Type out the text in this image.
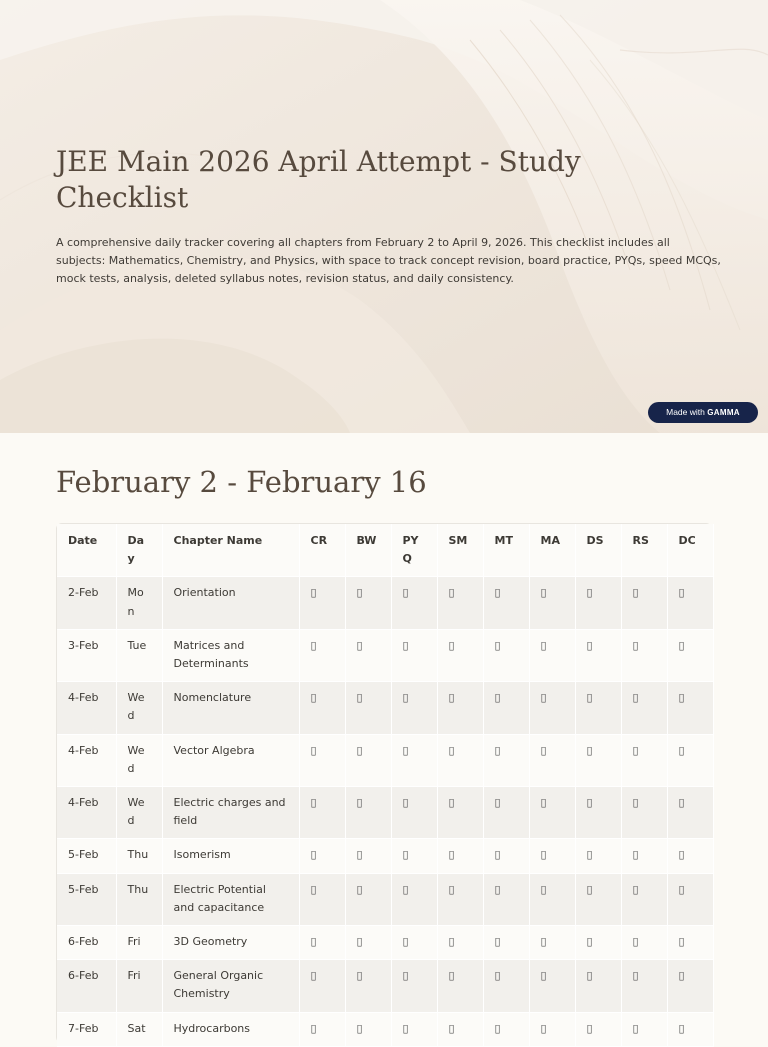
JEE Main 2026 April Attempt - Study Checklist

A comprehensive daily tracker covering all chapters from February 2 to April 9, 2026. This checklist includes all subjects: Mathematics, Chemistry, and Physics, with space to track concept revision, board practice, PYQs, speed MCQs, mock tests, analysis, deleted syllabus notes, revision status, and daily consistency.

Made with GAMMA
February 2 - February 16
Date	Day	Chapter Name	CR	BW	PYQ	SM	MT	MA	DS	RS	DC
2-Feb	Mon	Orientation	▯	▯	▯	▯	▯	▯	▯	▯	▯
3-Feb	Tue	Matrices and Determinants	▯	▯	▯	▯	▯	▯	▯	▯	▯
4-Feb	Wed	Nomenclature	▯	▯	▯	▯	▯	▯	▯	▯	▯
4-Feb	Wed	Vector Algebra	▯	▯	▯	▯	▯	▯	▯	▯	▯
4-Feb	Wed	Electric charges and field	▯	▯	▯	▯	▯	▯	▯	▯	▯
5-Feb	Thu	Isomerism	▯	▯	▯	▯	▯	▯	▯	▯	▯
5-Feb	Thu	Electric Potential and capacitance	▯	▯	▯	▯	▯	▯	▯	▯	▯
6-Feb	Fri	3D Geometry	▯	▯	▯	▯	▯	▯	▯	▯	▯
6-Feb	Fri	General Organic Chemistry	▯	▯	▯	▯	▯	▯	▯	▯	▯
7-Feb	Sat	Hydrocarbons	▯	▯	▯	▯	▯	▯	▯	▯	▯
